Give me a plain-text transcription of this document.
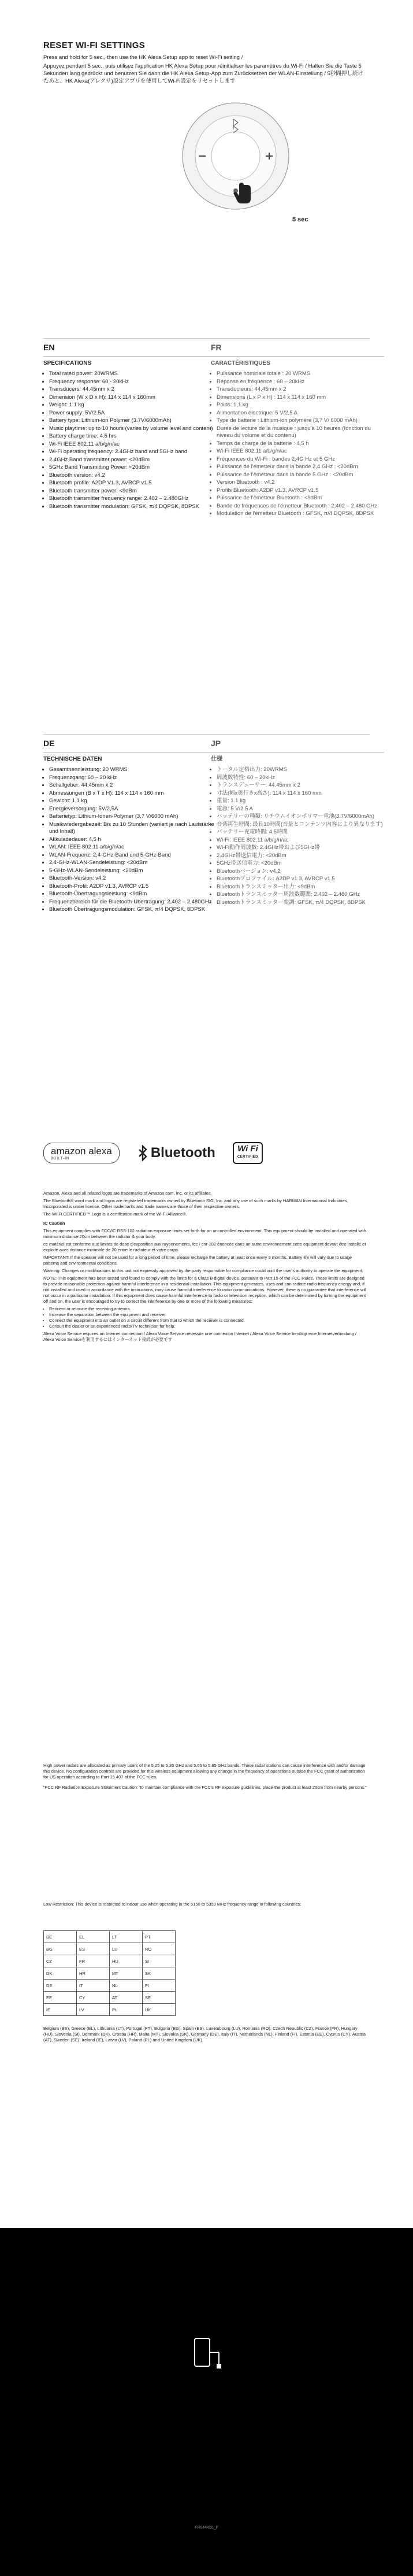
RESET WI-FI SETTINGS

Press and hold for 5 sec., then use the HK Alexa Setup app to reset Wi-Fi setting /

Appuyez pendant 5 sec., puis utilisez l'application HK Alexa Setup pour réinitialiser les paramètres du Wi-Fi / Halten Sie die Taste 5 Sekunden lang gedrückt und benutzen Sie dann die HK Alexa Setup-App zum Zurücksetzen der WLAN-Einstellung / 5秒間押し続けたあと、HK Alexa(アレクサ)設定アプリを使用してWi-Fi設定をリセットします

5 sec
EN
SPECIFICATIONS
• Total rated power: 20WRMS
• Frequency response: 60 - 20kHz
• Transducers: 44.45mm x 2
• Dimension (W x D x H): 114 x 114 x 160mm
• Weight: 1.1 kg
• Power supply: 5V/2.5A
• Battery type: Lithium-ion Polymer (3.7V/6000mAh)
• Music playtime: up to 10 hours (varies by volume level and content)
• Battery charge time: 4.5 hrs
• Wi-Fi IEEE 802.11 a/b/g/n/ac
• Wi-Fi operating frequency: 2.4GHz band and 5GHz band
• 2.4GHz Band transmitter power: <20dBm
• 5GHz Band Transmitting Power: <20dBm
• Bluetooth version: v4.2
• Bluetooth profile: A2DP V1.3, AVRCP v1.5
• Bluetooth transmitter power: <9dBm
• Bluetooth transmitter frequency range: 2.402 – 2.480GHz
• Bluetooth transmitter modulation: GFSK, π/4 DQPSK, 8DPSK
FR
CARACTÉRISTIQUES
• Puissance nominale totale : 20 WRMS
• Réponse en fréquence : 60 – 20kHz
• Transducteurs: 44,45mm x 2
• Dimensions (L x P x H) : 114 x 114 x 160 mm
• Poids: 1,1 kg
• Alimentation électrique: 5 V/2,5 A
• Type de batterie : Lithium-ion polymère (3,7 V/ 6000 mAh)
• Durée de lecture de la musique : jusqu'à 10 heures (fonction du niveau du volume et du contenu)
• Temps de charge de la batterie : 4,5 h
• Wi-Fi IEEE 802.11 a/b/g/n/ac
• Fréquences du Wi-Fi : bandes 2,4G Hz et 5 GHz
• Puissance de l'émetteur dans la bande 2,4 GHz : <20dBm
• Puissance de l'émetteur dans la bande 5 GHz : <20dBm
• Version Bluetooth : v4.2
• Profils Bluetooth: A2DP v1.3, AVRCP v1.5
• Puissance de l'émetteur Bluetooth : <9dBm
• Bande de fréquences de l'émetteur Bluetooth : 2,402 – 2,480 GHz
• Modulation de l'émetteur Bluetooth : GFSK, π/4 DQPSK, 8DPSK
DE
TECHNISCHE DATEN
• Gesamtnennleistung: 20 WRMS
• Frequenzgang: 60 – 20 kHz
• Schallgeber: 44,45mm x 2
• Abmessungen (B x T x H): 114 x 114 x 160 mm
• Gewicht: 1,1 kg
• Energieversorgung: 5V/2,5A
• Batterietyp: Lithium-Ionen-Polymer (3,7 V/6000 mAh)
• Musikwiedergabezeit: Bis zu 10 Stunden (variiert je nach Lautstärke und Inhalt)
• Akkuladedauer: 4,5 h
• WLAN: IEEE 802.11 a/b/g/n/ac
• WLAN-Frequenz: 2,4-GHz-Band und 5-GHz-Band
• 2,4-GHz-WLAN-Sendeleistung: <20dBm
• 5-GHz-WLAN-Sendeleistung: <20dBm
• Bluetooth-Version: v4.2
• Bluetooth-Profil: A2DP v1.3, AVRCP v1.5
• Bluetooth-Übertragungsleistung: <9dBm
• Frequenzbereich für die Bluetooth-Übertragung: 2,402 – 2,480GHz
• Bluetooth Übertragungsmodulation: GFSK, π/4 DQPSK, 8DPSK
JP
仕様
• トータル定格出力: 20WRMS
• 周波数特性: 60 – 20kHz
• トランスデューサー: 44.45mm x 2
• 寸法(幅x奥行きx高さ): 114 x 114 x 160 mm
• 重量: 1.1 kg
• 電源: 5 V/2.5 A
• バッテリーの種類: リチウムイオンポリマー電池(3.7V/6000mAh)
• 音楽再生時間: 最長10時間(音量とコンテンツ内容により異なります)
• バッテリー充電時間: 4.5時間
• Wi-Fi: IEEE 802.11 a/b/g/n/ac
• Wi-Fi動作周波数: 2.4GHz帯および5GHz帯
• 2.4GHz帯送信電力: <20dBm
• 5GHz帯送信電力: <20dBm
• Bluetoothバージョン: v4.2
• Bluetoothプロファイル: A2DP v1.3, AVRCP v1.5
• Bluetoothトランスミッター出力: <9dBm
• Bluetoothトランスミッター周波数範囲: 2.402 – 2.480 GHz
• Bluetoothトランスミッター変調: GFSK, π/4 DQPSK, 8DPSK
amazon alexa
BUILT-IN	Bluetooth	Wi Fi
CERTIFIED

Amazon, Alexa and all related logos are trademarks of Amazon.com, Inc. or its affiliates.

The Bluetooth® word mark and logos are registered trademarks owned by Bluetooth SIG, Inc. and any use of such marks by HARMAN International Industries, Incorporated is under license. Other trademarks and trade names are those of their respective owners.

The Wi-Fi CERTIFIED™ Logo is a certification mark of the Wi-Fi Alliance®.

IC Caution

This equipment complies with FCC/IC RSS-102 radiation exposure limits set forth for an uncontrolled environment. This equipment should be installed and operated with minimum distance 20cm between the radiator & your body.

ce matériel est conforme aux limites de dose d'exposition aux rayonnements, fcc / cnr-102 énoncée dans un autre environnement.cette equipment devrait être installé et exploité avec distance minimale de 20 entre le radiateur et votre corps.

IMPORTANT: If the speaker will not be used for a long period of time, please recharge the battery at least once every 3 months. Battery life will vary due to usage patterns and environmental conditions.

Warning: Changes or modifications to this unit not expressly approved by the party responsible for compliance could void the user's authority to operate the equipment.

NOTE: This equipment has been tested and found to comply with the limits for a Class B digital device, pursuant to Part 15 of the FCC Rules. These limits are designed to provide reasonable protection against harmful interference in a residential installation. This equipment generates, uses and can radiate radio frequency energy and, if not installed and used in accordance with the instructions, may cause harmful interference to radio communications. However, there is no guarantee that interference will not occur in a particular installation. If this equipment does cause harmful interference to radio or television reception, which can be determined by turning the equipment off and on, the user is encouraged to try to correct the interference by one or more of the following measures:

• Reorient or relocate the receiving antenna.
• Increase the separation between the equipment and receiver.
• Connect the equipment into an outlet on a circuit different from that to which the receiver is connected.
• Consult the dealer or an experienced radio/TV technician for help.

Alexa Voice Service requires an Internet connection / Alexa Voice Service nécessite une connexion Internet / Alexa Voice Service benötigt eine Internetverbindung / Alexa Voice Serviceを利用するにはインターネット接続が必要です

High power radars are allocated as primary users of the 5.25 to 5.35 GHz and 5.65 to 5.85 GHz bands. These radar stations can cause interference with and/or damage this device. No configuration controls are provided for this wireless equipment allowing any change in the frequency of operations outside the FCC grant of authorization for US operation according to Part 15.407 of the FCC rules.

"FCC RF Radiation Exposure Statement Caution: To maintain compliance with the FCC's RF exposure guidelines, place the product at least 20cm from nearby persons."

Low Restriction: This device is restricted to indoor use when operating in the 5150 to 5350 MHz frequency range in following countries:

BE	EL	LT	PT
BG	ES	LU	RO
CZ	FR	HU	SI
DK	HR	MT	SK
DE	IT	NL	FI
EE	CY	AT	SE
IE	LV	PL	UK

Belgium (BE), Greece (EL), Lithuania (LT), Portugal (PT), Bulgaria (BG), Spain (ES), Luxembourg (LU), Romania (RO), Czech Republic (CZ), France (FR), Hungary (HU), Slovenia (SI), Denmark (DK), Croatia (HR), Malta (MT), Slovakia (SK), Germany (DE), Italy (IT), Netherlands (NL), Finland (FI), Estonia (EE), Cyprus (CY), Austria (AT), Sweden (SE), Ireland (IE), Latvia (LV), Poland (PL) and United Kingdom (UK).

FR044455_F
